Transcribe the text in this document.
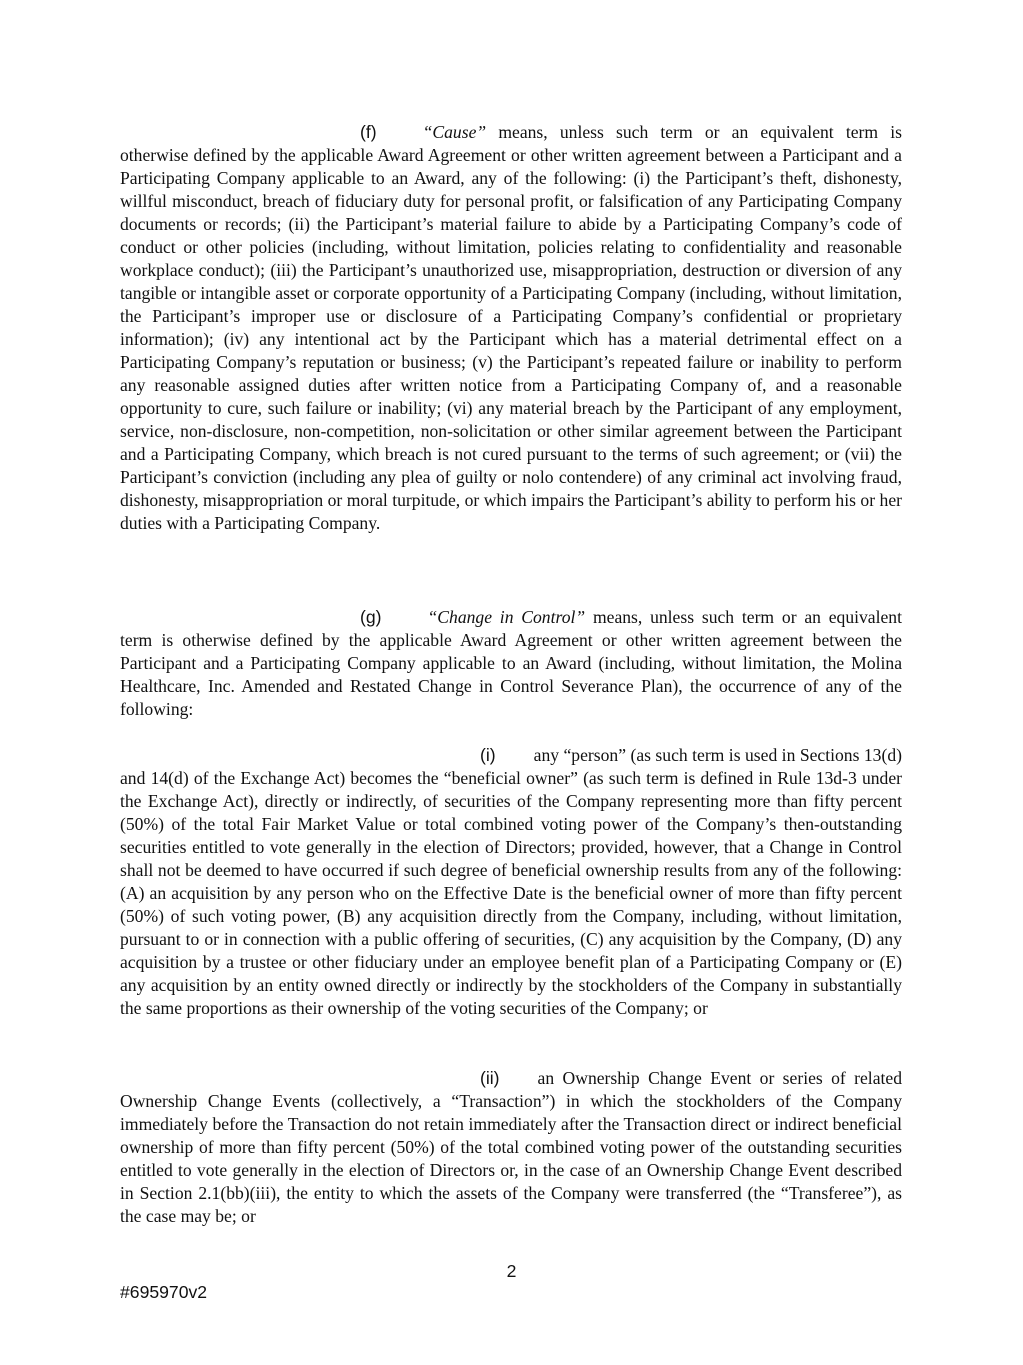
(f)	“Cause” means, unless such term or an equivalent term is otherwise defined by the applicable Award Agreement or other written agreement between a Participant and a Participating Company applicable to an Award, any of the following: (i) the Participant’s theft, dishonesty, willful misconduct, breach of fiduciary duty for personal profit, or falsification of any Participating Company documents or records; (ii) the Participant’s material failure to abide by a Participating Company’s code of conduct or other policies (including, without limitation, policies relating to confidentiality and reasonable workplace conduct); (iii) the Participant’s unauthorized use, misappropriation, destruction or diversion of any tangible or intangible asset or corporate opportunity of a Participating Company (including, without limitation, the Participant’s improper use or disclosure of a Participating Company’s confidential or proprietary information); (iv) any intentional act by the Participant which has a material detrimental effect on a Participating Company’s reputation or business; (v) the Participant’s repeated failure or inability to perform any reasonable assigned duties after written notice from a Participating Company of, and a reasonable opportunity to cure, such failure or inability; (vi) any material breach by the Participant of any employment, service, non-disclosure, non-competition, non-solicitation or other similar agreement between the Participant and a Participating Company, which breach is not cured pursuant to the terms of such agreement; or (vii) the Participant’s conviction (including any plea of guilty or nolo contendere) of any criminal act involving fraud, dishonesty, misappropriation or moral turpitude, or which impairs the Participant’s ability to perform his or her duties with a Participating Company.

(g)	“Change in Control” means, unless such term or an equivalent term is otherwise defined by the applicable Award Agreement or other written agreement between the Participant and a Participating Company applicable to an Award (including, without limitation, the Molina Healthcare, Inc. Amended and Restated Change in Control Severance Plan), the occurrence of any of the following:

(i) any “person” (as such term is used in Sections 13(d) and 14(d) of the Exchange Act) becomes the “beneficial owner” (as such term is defined in Rule 13d-3 under the Exchange Act), directly or indirectly, of securities of the Company representing more than fifty percent (50%) of the total Fair Market Value or total combined voting power of the Company’s then-outstanding securities entitled to vote generally in the election of Directors; provided, however, that a Change in Control shall not be deemed to have occurred if such degree of beneficial ownership results from any of the following: (A) an acquisition by any person who on the Effective Date is the beneficial owner of more than fifty percent (50%) of such voting power, (B) any acquisition directly from the Company, including, without limitation, pursuant to or in connection with a public offering of securities, (C) any acquisition by the Company, (D) any acquisition by a trustee or other fiduciary under an employee benefit plan of a Participating Company or (E) any acquisition by an entity owned directly or indirectly by the stockholders of the Company in substantially the same proportions as their ownership of the voting securities of the Company; or

(ii) an Ownership Change Event or series of related Ownership Change Events (collectively, a “Transaction”) in which the stockholders of the Company immediately before the Transaction do not retain immediately after the Transaction direct or indirect beneficial ownership of more than fifty percent (50%) of the total combined voting power of the outstanding securities entitled to vote generally in the election of Directors or, in the case of an Ownership Change Event described in Section 2.1(bb)(iii), the entity to which the assets of the Company were transferred (the “Transferee”), as the case may be; or

2
#695970v2
